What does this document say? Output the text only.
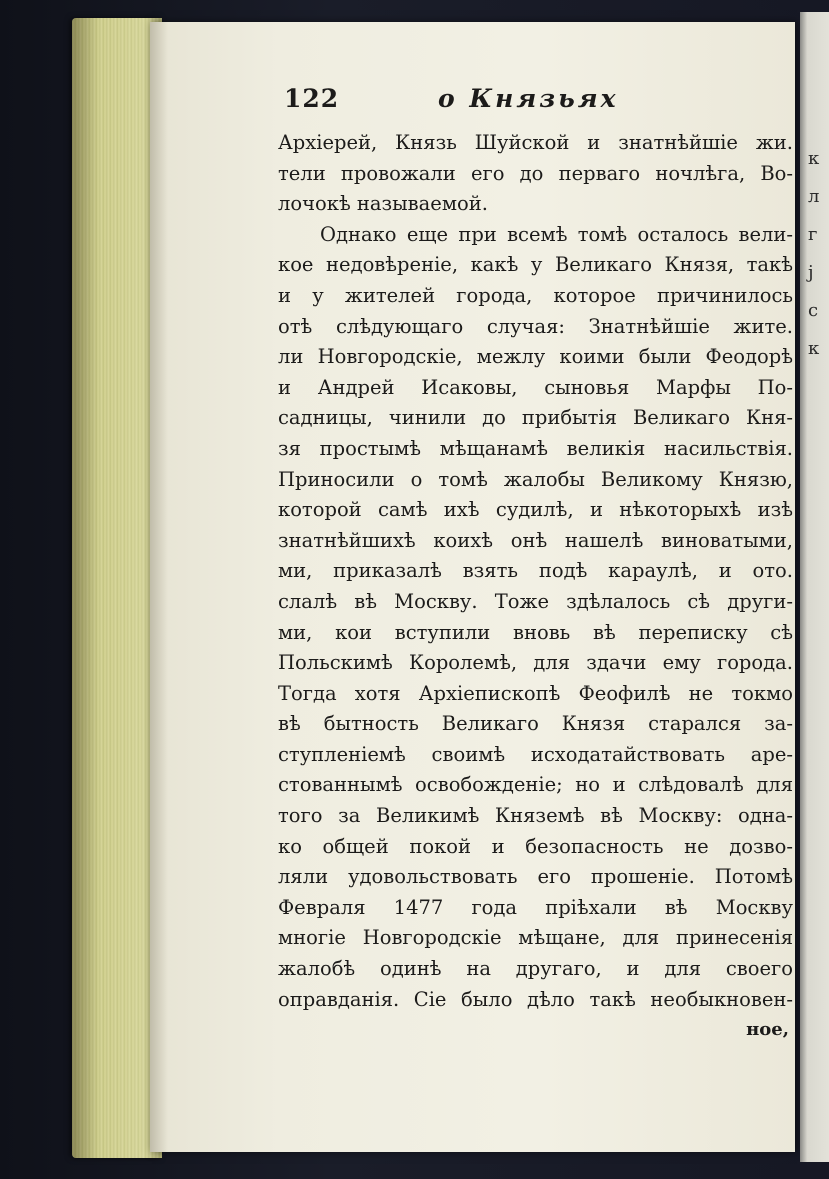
к
л
г
ј
с
к
122	о Князьях
Архіерей, Князь Шуйской и знатнѣйшіе жи.
тели провожали его до перваго ночлѣга, Во-
лочокѣ называемой.
Однако еще при всемѣ томѣ осталось вели-
кое недовѣреніе, какѣ у Великаго Князя, такѣ
и у жителей города, которое причинилось
отѣ слѣдующаго случая: Знатнѣйшіе жите.
ли Новгородскіе, межлу коими были Феодорѣ
и Андрей Исаковы, сыновья Марфы По-
садницы, чинили до прибытія Великаго Кня-
зя простымѣ мѣщанамѣ великія насильствія.
Приносили о томѣ жалобы Великому Князю,
которой самѣ ихѣ судилѣ, и нѣкоторыхѣ изѣ
знатнѣйшихѣ коихѣ онѣ нашелѣ виноватыми,
ми, приказалѣ взять подѣ караулѣ, и ото.
слалѣ вѣ Москву. Тоже здѣлалось сѣ други-
ми, кои вступили вновь вѣ переписку сѣ
Польскимѣ Королемѣ, для здачи ему города.
Тогда хотя Архіепископѣ Феофилѣ не токмо
вѣ бытность Великаго Князя старался за-
ступленіемѣ своимѣ исходатайствовать аре-
стованнымѣ освобожденіе; но и слѣдовалѣ для
того за Великимѣ Княземѣ вѣ Москву: одна-
ко общей покой и безопасность не дозво-
ляли удовольствовать его прошеніе. Потомѣ
Февраля 1477 года пріѣхали вѣ Москву
многіе Новгородскіе мѣщане, для принесенія
жалобѣ одинѣ на другаго, и для своего
оправданія. Сіе было дѣло такѣ необыкновен-
ное,
